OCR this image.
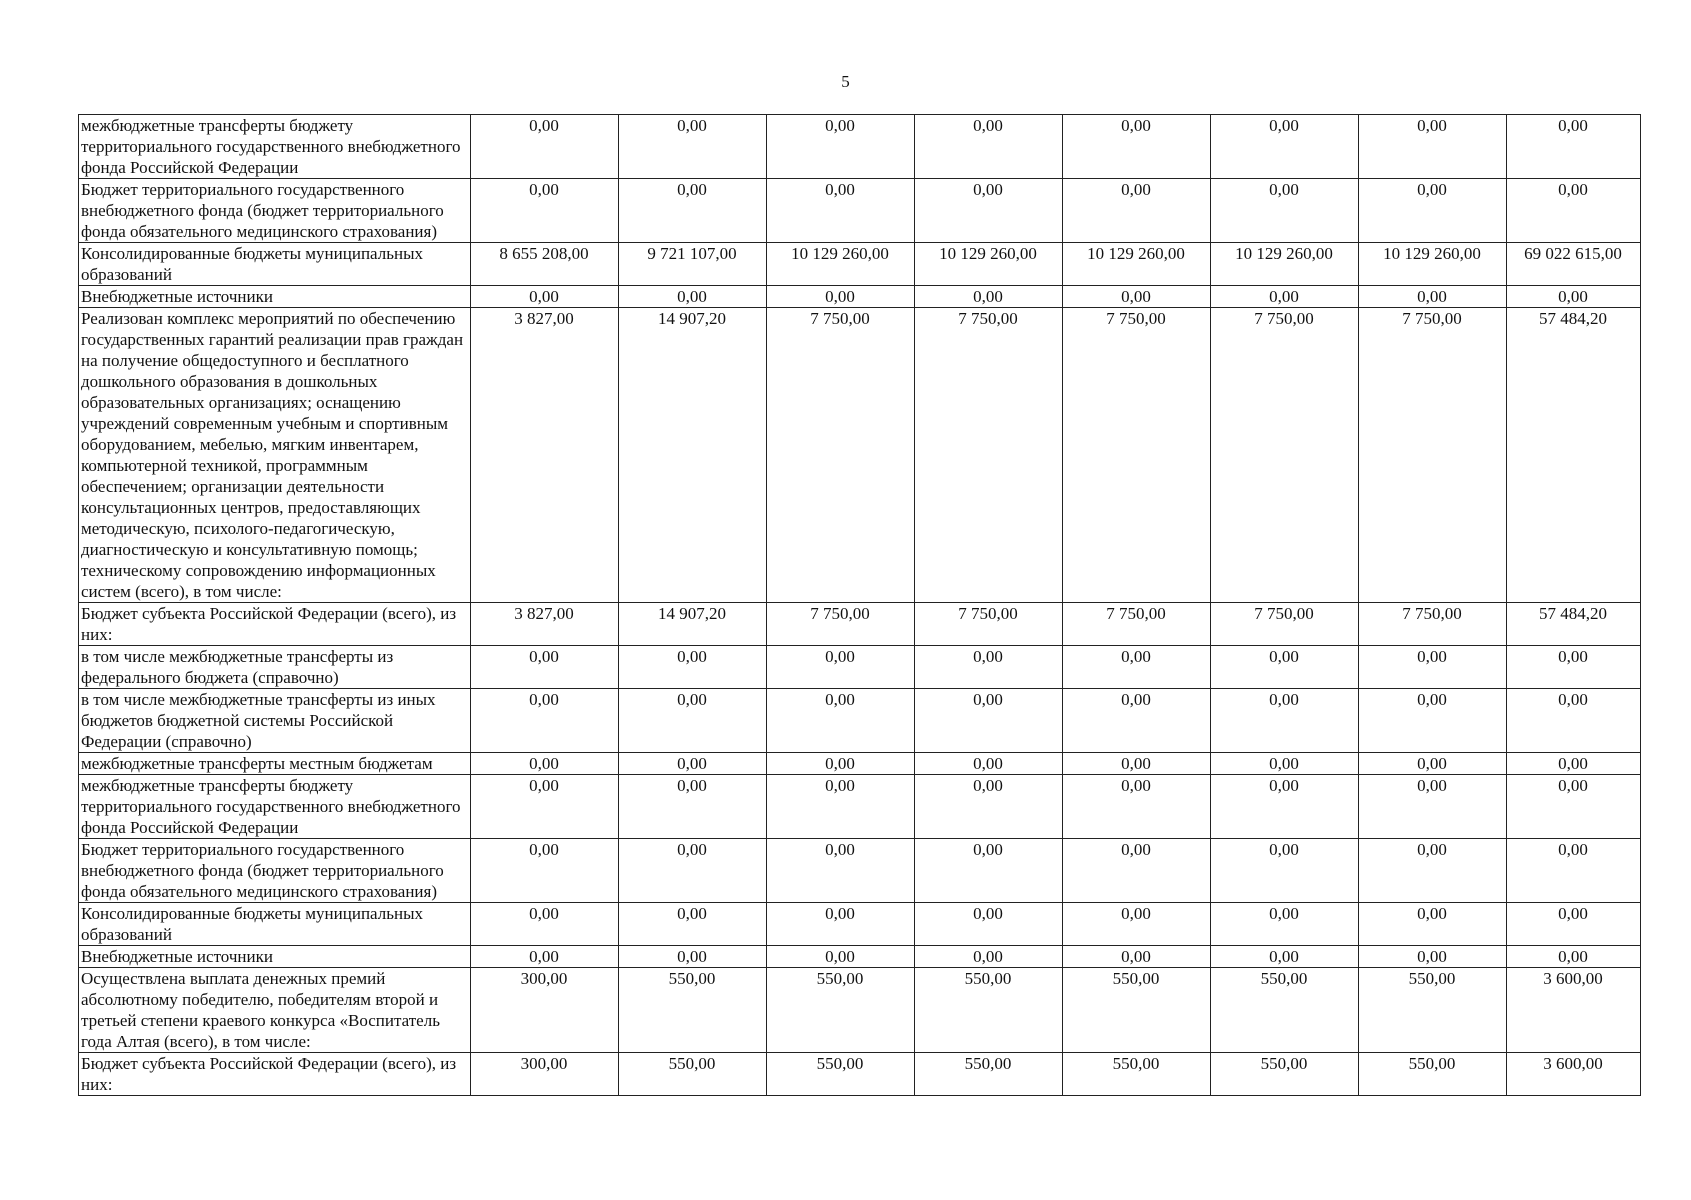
5
межбюджетные трансферты бюджету территориального государственного внебюджетного фонда Российской Федерации	0,00	0,00	0,00	0,00	0,00	0,00	0,00	0,00
Бюджет территориального государственного внебюджетного фонда (бюджет территориального фонда обязательного медицинского страхования)	0,00	0,00	0,00	0,00	0,00	0,00	0,00	0,00
Консолидированные бюджеты муниципальных образований	8 655 208,00	9 721 107,00	10 129 260,00	10 129 260,00	10 129 260,00	10 129 260,00	10 129 260,00	69 022 615,00
Внебюджетные источники	0,00	0,00	0,00	0,00	0,00	0,00	0,00	0,00
Реализован комплекс мероприятий по обеспечению государственных гарантий реализации прав граждан на получение общедоступного и бесплатного дошкольного образования в дошкольных образовательных организациях; оснащению учреждений современным учебным и спортивным оборудованием, мебелью, мягким инвентарем, компьютерной техникой, программным обеспечением; организации деятельности консультационных центров, предоставляющих методическую, психолого-педагогическую, диагностическую и консультативную помощь; техническому сопровождению информационных систем (всего), в том числе:	3 827,00	14 907,20	7 750,00	7 750,00	7 750,00	7 750,00	7 750,00	57 484,20
Бюджет субъекта Российской Федерации (всего), из них:	3 827,00	14 907,20	7 750,00	7 750,00	7 750,00	7 750,00	7 750,00	57 484,20
в том числе межбюджетные трансферты из федерального бюджета (справочно)	0,00	0,00	0,00	0,00	0,00	0,00	0,00	0,00
в том числе межбюджетные трансферты из иных бюджетов бюджетной системы Российской Федерации (справочно)	0,00	0,00	0,00	0,00	0,00	0,00	0,00	0,00
межбюджетные трансферты местным бюджетам	0,00	0,00	0,00	0,00	0,00	0,00	0,00	0,00
межбюджетные трансферты бюджету территориального государственного внебюджетного фонда Российской Федерации	0,00	0,00	0,00	0,00	0,00	0,00	0,00	0,00
Бюджет территориального государственного внебюджетного фонда (бюджет территориального фонда обязательного медицинского страхования)	0,00	0,00	0,00	0,00	0,00	0,00	0,00	0,00
Консолидированные бюджеты муниципальных образований	0,00	0,00	0,00	0,00	0,00	0,00	0,00	0,00
Внебюджетные источники	0,00	0,00	0,00	0,00	0,00	0,00	0,00	0,00
Осуществлена выплата денежных премий абсолютному победителю, победителям второй и третьей степени краевого конкурса «Воспитатель года Алтая (всего), в том числе:	300,00	550,00	550,00	550,00	550,00	550,00	550,00	3 600,00
Бюджет субъекта Российской Федерации (всего), из них:	300,00	550,00	550,00	550,00	550,00	550,00	550,00	3 600,00
